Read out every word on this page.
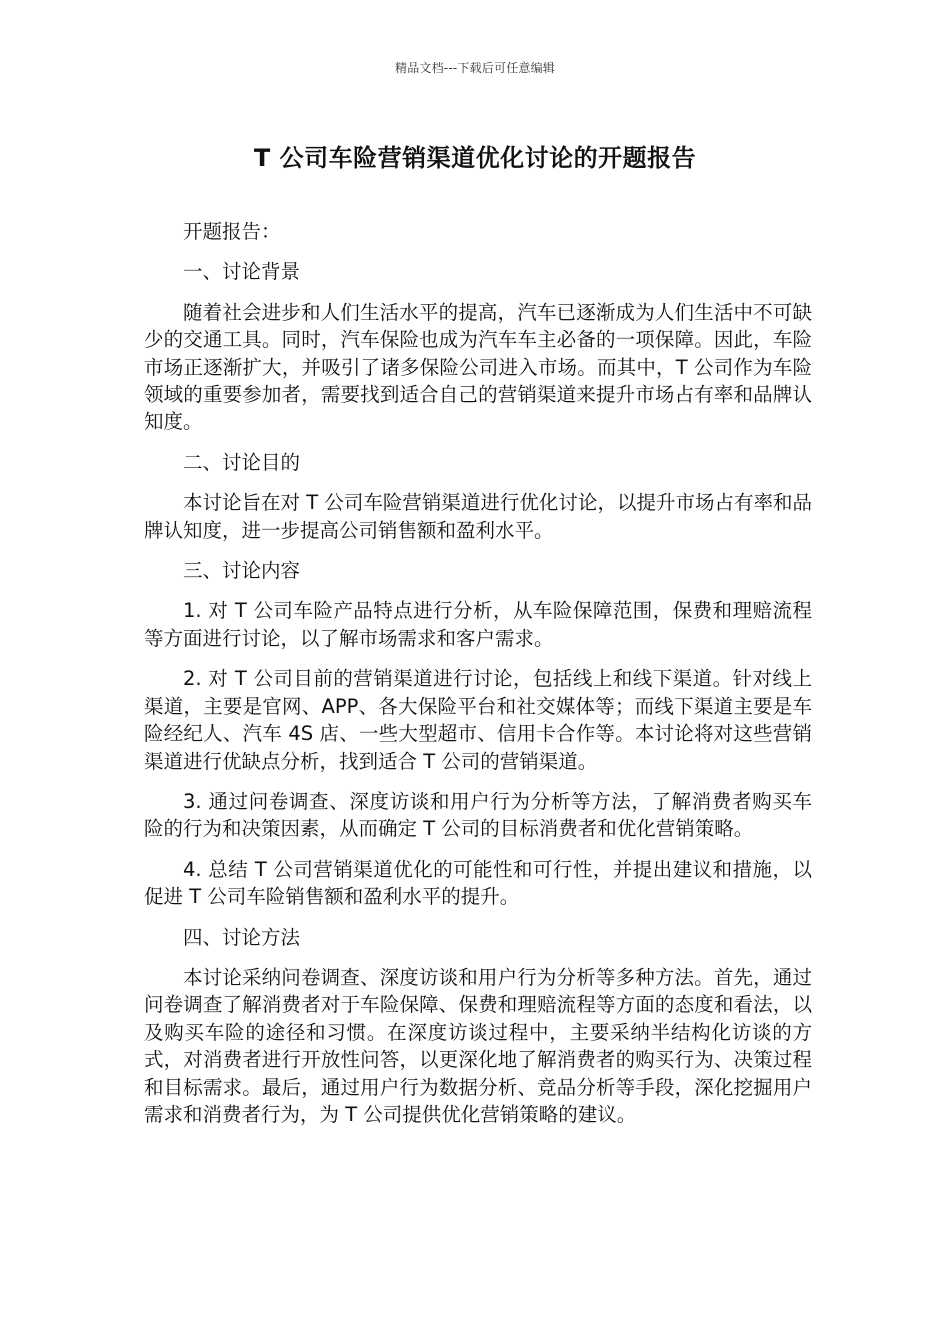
精品文档---下载后可任意编辑
T 公司车险营销渠道优化讨论的开题报告

开题报告：

一、讨论背景

随着社会进步和人们生活水平的提高，汽车已逐渐成为人们生活中不可缺少的交通工具。同时，汽车保险也成为汽车车主必备的一项保障。因此，车险市场正逐渐扩大，并吸引了诸多保险公司进入市场。而其中，T 公司作为车险领域的重要参加者，需要找到适合自己的营销渠道来提升市场占有率和品牌认知度。

二、讨论目的

本讨论旨在对 T 公司车险营销渠道进行优化讨论，以提升市场占有率和品牌认知度，进一步提高公司销售额和盈利水平。

三、讨论内容

1. 对 T 公司车险产品特点进行分析，从车险保障范围，保费和理赔流程等方面进行讨论，以了解市场需求和客户需求。

2. 对 T 公司目前的营销渠道进行讨论，包括线上和线下渠道。针对线上渠道，主要是官网、APP、各大保险平台和社交媒体等；而线下渠道主要是车险经纪人、汽车 4S 店、一些大型超市、信用卡合作等。本讨论将对这些营销渠道进行优缺点分析，找到适合 T 公司的营销渠道。

3. 通过问卷调查、深度访谈和用户行为分析等方法，了解消费者购买车险的行为和决策因素，从而确定 T 公司的目标消费者和优化营销策略。

4. 总结 T 公司营销渠道优化的可能性和可行性，并提出建议和措施，以促进 T 公司车险销售额和盈利水平的提升。

四、讨论方法

本讨论采纳问卷调查、深度访谈和用户行为分析等多种方法。首先，通过问卷调查了解消费者对于车险保障、保费和理赔流程等方面的态度和看法，以及购买车险的途径和习惯。在深度访谈过程中，主要采纳半结构化访谈的方式，对消费者进行开放性问答，以更深化地了解消费者的购买行为、决策过程和目标需求。最后，通过用户行为数据分析、竞品分析等手段，深化挖掘用户需求和消费者行为，为 T 公司提供优化营销策略的建议。
